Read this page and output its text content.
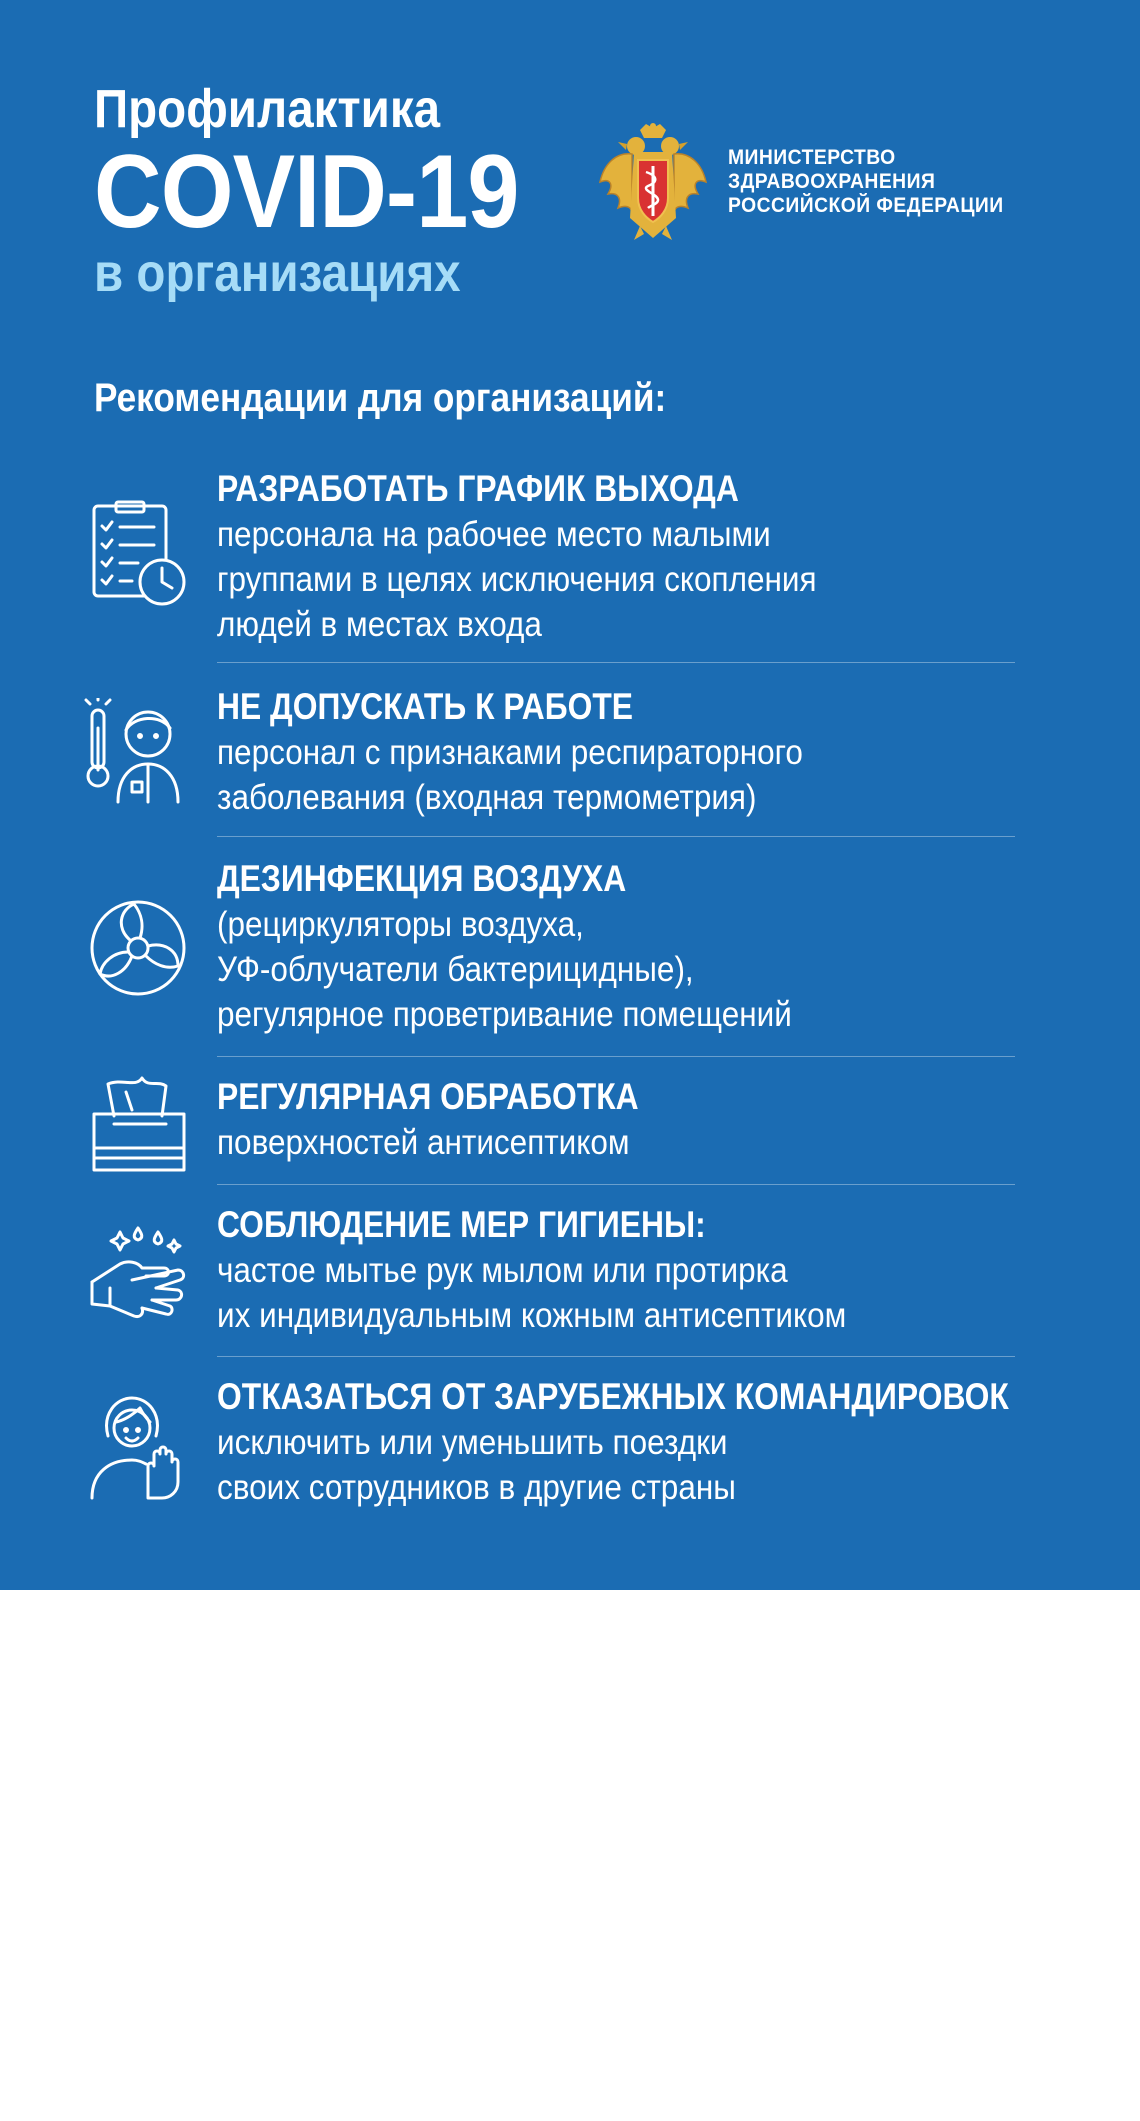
Профилактика
COVID-19
в организациях
МИНИСТЕРСТВО
ЗДРАВООХРАНЕНИЯ
РОССИЙСКОЙ ФЕДЕРАЦИИ
Рекомендации для организаций:
РАЗРАБОТАТЬ ГРАФИК ВЫХОДА
персонала на рабочее место малыми
группами в целях исключения скопления
людей в местах входа
НЕ ДОПУСКАТЬ К РАБОТЕ
персонал с признаками респираторного
заболевания (входная термометрия)
ДЕЗИНФЕКЦИЯ ВОЗДУХА
(рециркуляторы воздуха,
УФ-облучатели бактерицидные),
регулярное проветривание помещений
РЕГУЛЯРНАЯ ОБРАБОТКА
поверхностей антисептиком
СОБЛЮДЕНИЕ МЕР ГИГИЕНЫ:
частое мытье рук мылом или протирка
их индивидуальным кожным антисептиком
ОТКАЗАТЬСЯ ОТ ЗАРУБЕЖНЫХ КОМАНДИРОВОК
исключить или уменьшить поездки
своих сотрудников в другие страны
